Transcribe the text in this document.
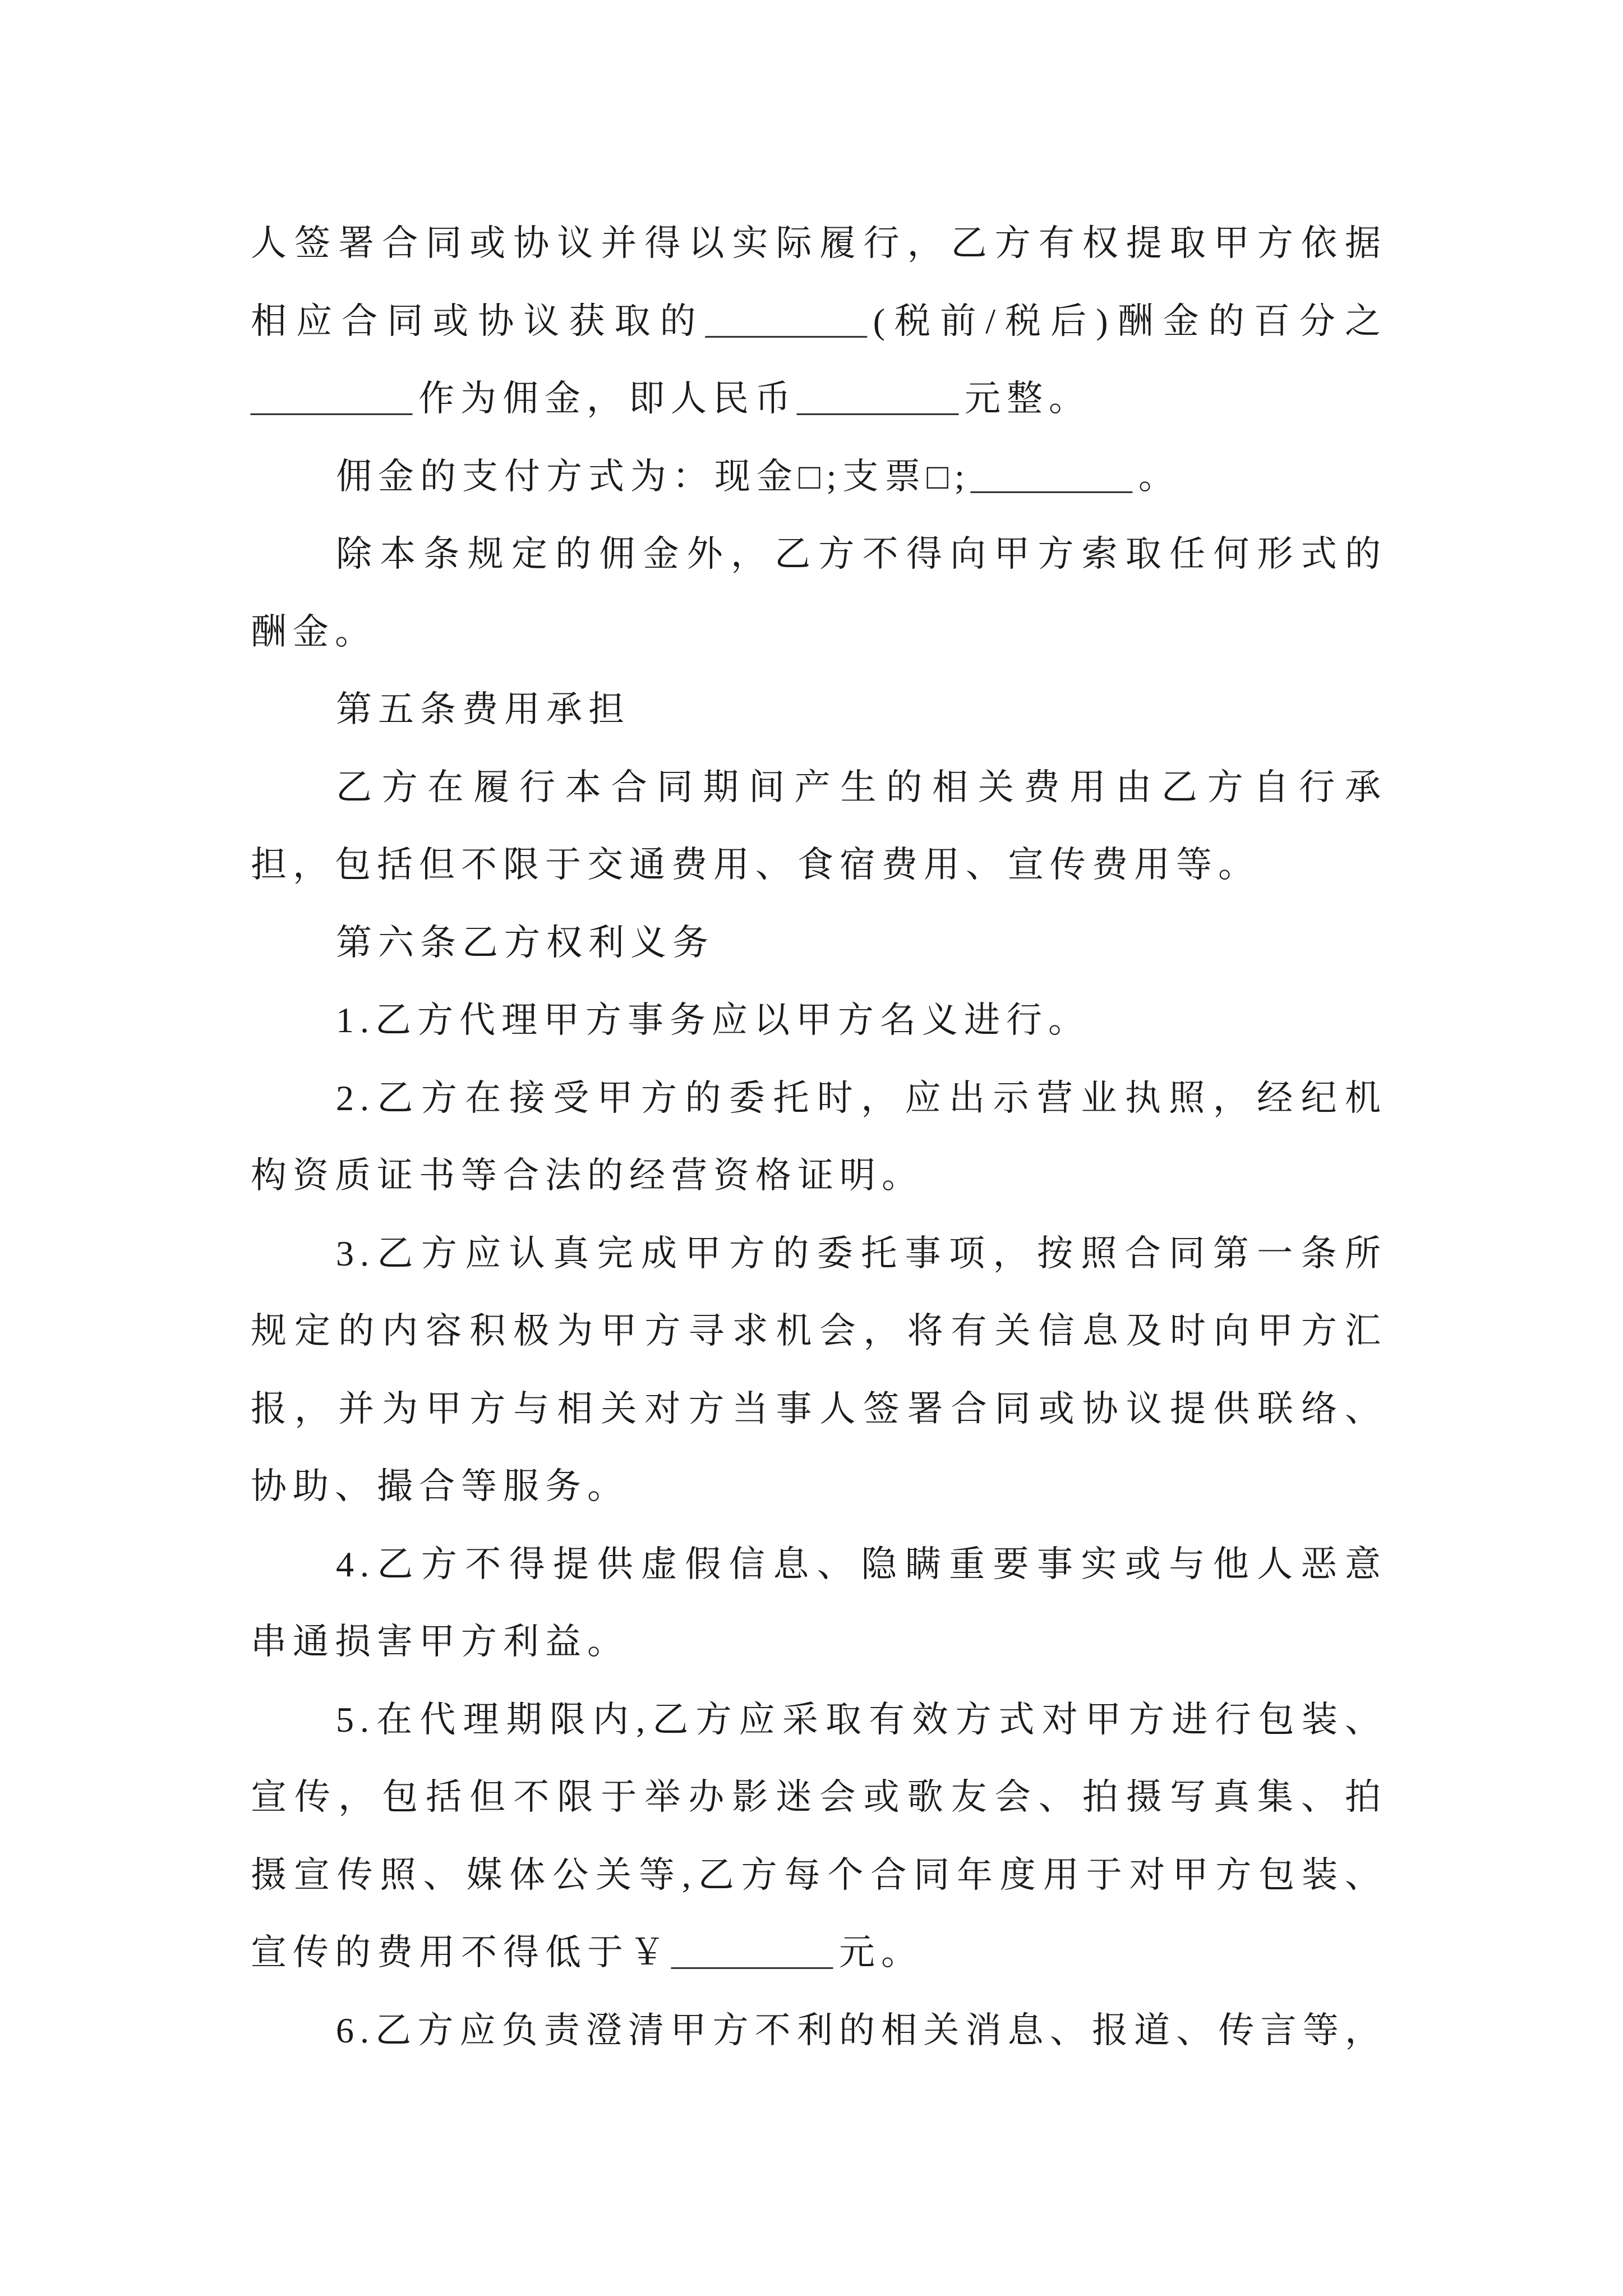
人签署合同或协议并得以实际履行，乙方有权提取甲方依据
相应合同或协议获取的_________ (税前/税后)酬金的百分之
_________ 作为佣金，即人民币_________ 元整。
佣金的支付方式为：现金□;支票□;_________ 。
除本条规定的佣金外，乙方不得向甲方索取任何形式的
酬金。
第五条费用承担
乙方在履行本合同期间产生的相关费用由乙方自行承
担，包括但不限于交通费用、食宿费用、宣传费用等。
第六条乙方权利义务
1.乙方代理甲方事务应以甲方名义进行。
2.乙方在接受甲方的委托时，应出示营业执照，经纪机
构资质证书等合法的经营资格证明。
3.乙方应认真完成甲方的委托事项，按照合同第一条所
规定的内容积极为甲方寻求机会，将有关信息及时向甲方汇
报，并为甲方与相关对方当事人签署合同或协议提供联络、
协助、撮合等服务。
4.乙方不得提供虚假信息、隐瞒重要事实或与他人恶意
串通损害甲方利益。
5.在代理期限内,乙方应采取有效方式对甲方进行包装、
宣传，包括但不限于举办影迷会或歌友会、拍摄写真集、拍
摄宣传照、媒体公关等,乙方每个合同年度用于对甲方包装、
宣传的费用不得低于￥_________ 元。
6.乙方应负责澄清甲方不利的相关消息、报道、传言等，
